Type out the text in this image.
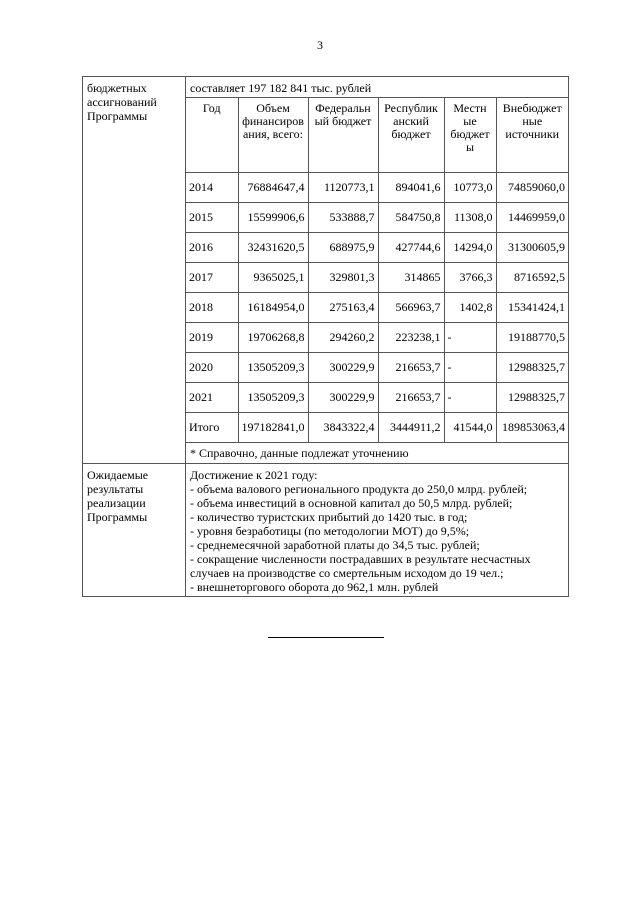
3
бюджетных ассигнований Программы	
составляет 197 182 841 тыс. рублей
Год	Объем финансиров ания, всего:	Федеральн ый бюджет	Республик анский бюджет	Местн ые бюджет ы	Внебюджет ные источники
2014	76884647,4	1120773,1	894041,6	10773,0	74859060,0
2015	15599906,6	533888,7	584750,8	11308,0	14469959,0
2016	32431620,5	688975,9	427744,6	14294,0	31300605,9
2017	9365025,1	329801,3	314865	3766,3	8716592,5
2018	16184954,0	275163,4	566963,7	1402,8	15341424,1
2019	19706268,8	294260,2	223238,1	-	19188770,5
2020	13505209,3	300229,9	216653,7	-	12988325,7
2021	13505209,3	300229,9	216653,7	-	12988325,7
Итого	197182841,0	3843322,4	3444911,2	41544,0	189853063,4
* Справочно, данные подлежат уточнению

Ожидаемые результаты реализации Программы	
Достижение к 2021 году:
- объема валового регионального продукта до 250,0 млрд. рублей;
- объема инвестиций в основной капитал до 50,5 млрд. рублей;
- количество туристских прибытий до 1420 тыс. в год;
- уровня безработицы (по методологии МОТ) до 9,5%;
- среднемесячной заработной платы до 34,5 тыс. рублей;
- сокращение численности пострадавших в результате несчастных случаев на производстве со смертельным исходом до 19 чел.;
- внешнеторгового оборота до 962,1 млн. рублей
